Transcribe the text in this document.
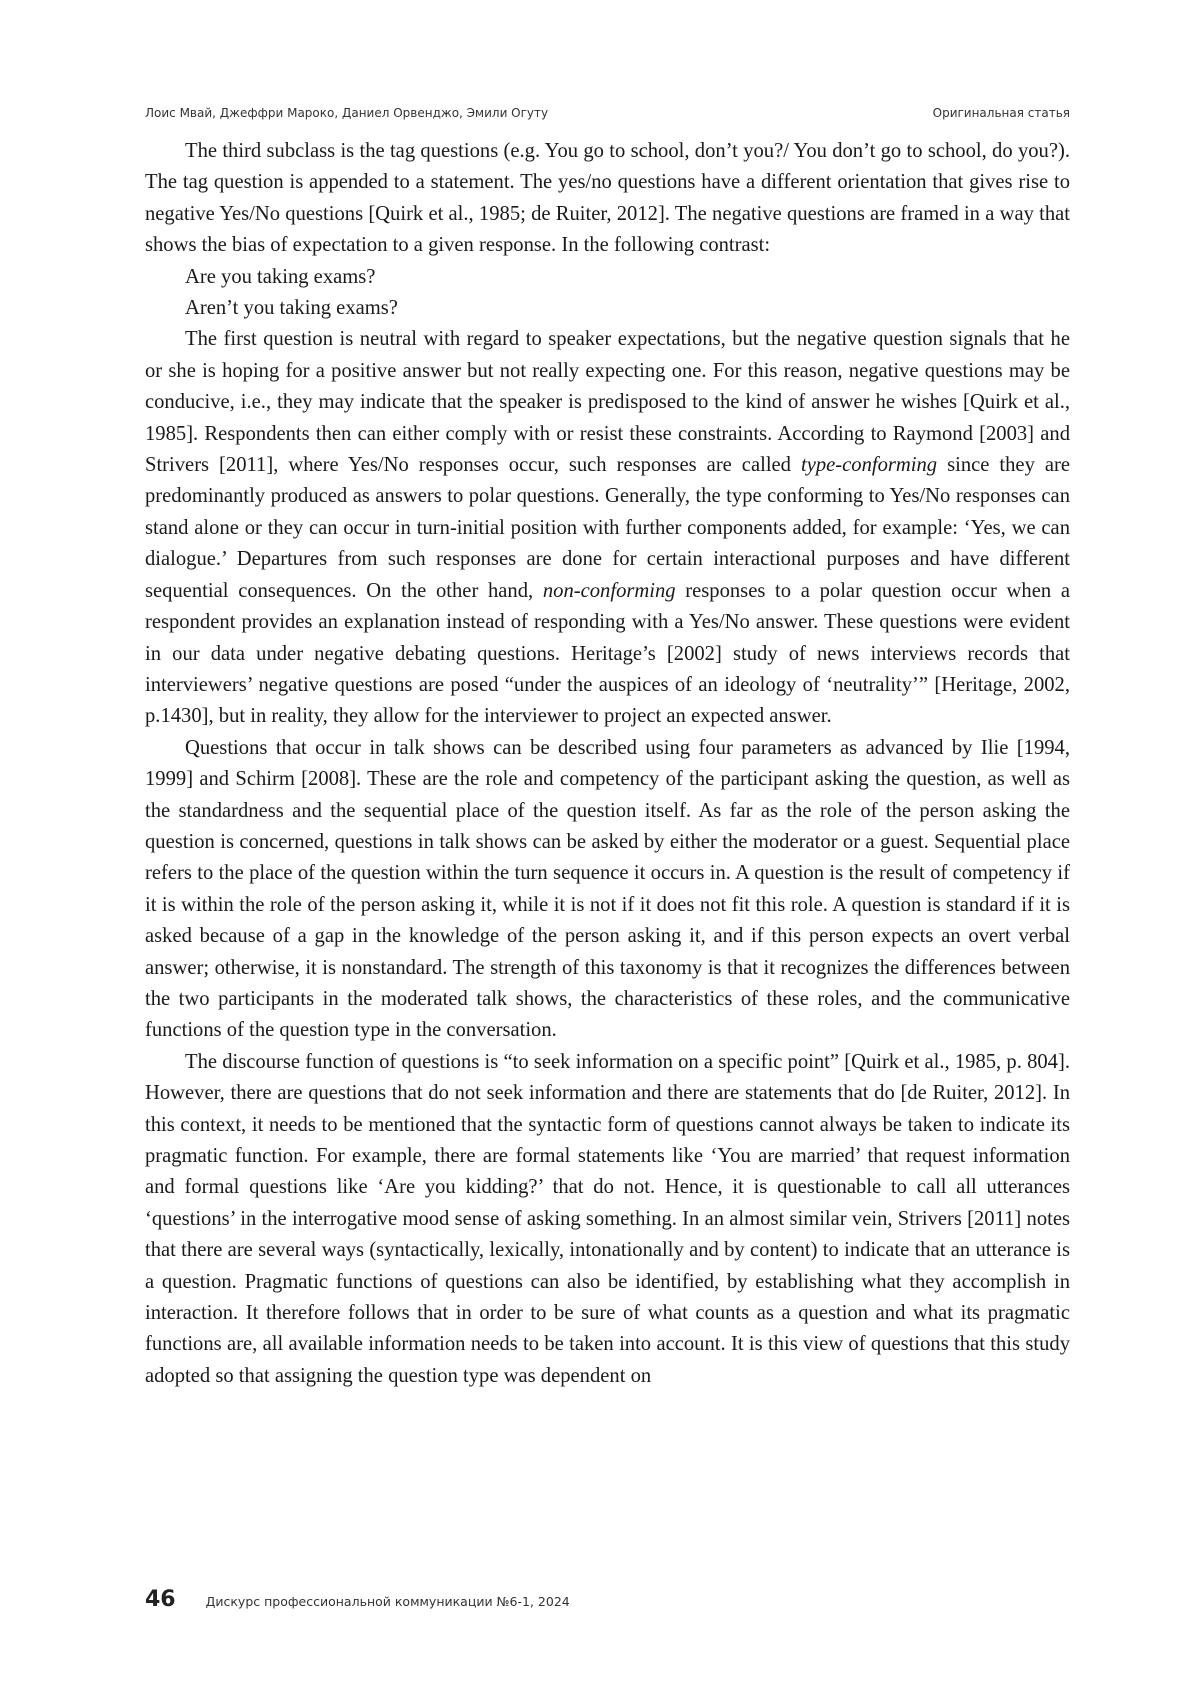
Лоис Мвай, Джеффри Мароко, Даниел Орвенджо, Эмили Огуту	Оригинальная статья

The third subclass is the tag questions (e.g. You go to school, don’t you?/ You don’t go to school, do you?). The tag question is appended to a statement. The yes/no questions have a different orientation that gives rise to negative Yes/No questions [Quirk et al., 1985; de Ruiter, 2012]. The negative questions are framed in a way that shows the bias of expectation to a given response. In the following contrast:

Are you taking exams?

Aren’t you taking exams?

The first question is neutral with regard to speaker expectations, but the negative question signals that he or she is hoping for a positive answer but not really expecting one. For this reason, negative questions may be conducive, i.e., they may indicate that the speaker is predisposed to the kind of answer he wishes [Quirk et al., 1985]. Respondents then can either comply with or resist these constraints. According to Raymond [2003] and Strivers [2011], where Yes/No responses occur, such responses are called type-conforming since they are predominantly produced as answers to polar questions. Generally, the type conforming to Yes/No responses can stand alone or they can occur in turn-initial position with further components added, for example: ‘Yes, we can dialogue.’ Departures from such responses are done for certain interactional purposes and have different sequential consequences. On the other hand, non-conforming responses to a polar question occur when a respondent provides an explanation instead of responding with a Yes/No answer. These questions were evident in our data under negative debating questions. Heritage’s [2002] study of news interviews records that interviewers’ negative questions are posed “under the auspices of an ideology of ‘neutrality’” [Heritage, 2002, p.1430], but in reality, they allow for the interviewer to project an expected answer.

Questions that occur in talk shows can be described using four parameters as advanced by Ilie [1994, 1999] and Schirm [2008]. These are the role and competency of the participant asking the question, as well as the standardness and the sequential place of the question itself. As far as the role of the person asking the question is concerned, questions in talk shows can be asked by either the moderator or a guest. Sequential place refers to the place of the question within the turn sequence it occurs in. A question is the result of competency if it is within the role of the person asking it, while it is not if it does not fit this role. A question is standard if it is asked because of a gap in the knowledge of the person asking it, and if this person expects an overt verbal answer; otherwise, it is nonstandard. The strength of this taxonomy is that it recognizes the differences between the two participants in the moderated talk shows, the characteristics of these roles, and the communicative functions of the question type in the conversation.

The discourse function of questions is “to seek information on a specific point” [Quirk et al., 1985, p. 804]. However, there are questions that do not seek information and there are statements that do [de Ruiter, 2012]. In this context, it needs to be mentioned that the syntactic form of questions cannot always be taken to indicate its pragmatic function. For example, there are formal statements like ‘You are married’ that request information and formal questions like ‘Are you kidding?’ that do not. Hence, it is questionable to call all utterances ‘questions’ in the interrogative mood sense of asking something. In an almost similar vein, Strivers [2011] notes that there are several ways (syntactically, lexically, intonationally and by content) to indicate that an utterance is a question. Pragmatic functions of questions can also be identified, by establishing what they accomplish in interaction. It therefore follows that in order to be sure of what counts as a question and what its pragmatic functions are, all available information needs to be taken into account. It is this view of questions that this study adopted so that assigning the question type was dependent on

46 Дискурс профессиональной коммуникации №6-1, 2024
